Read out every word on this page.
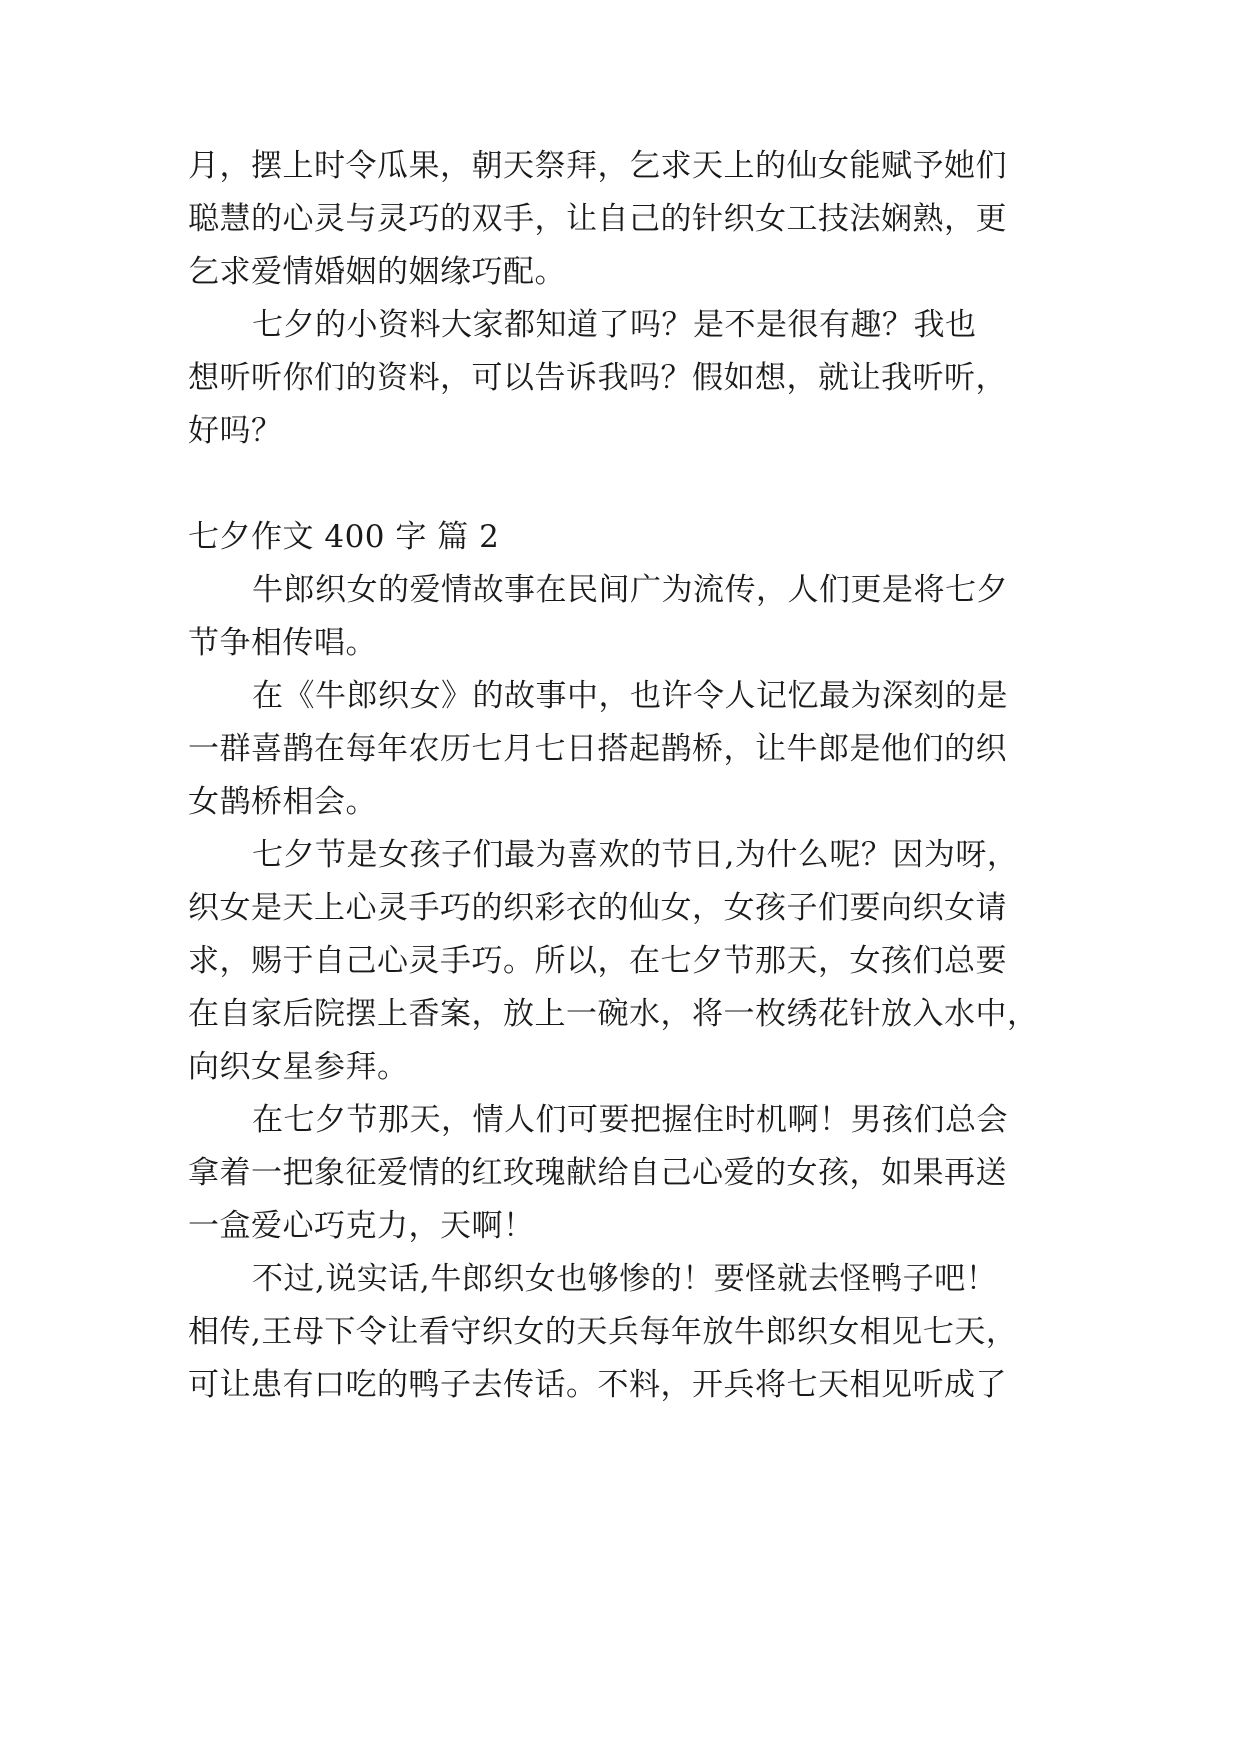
月，摆上时令瓜果，朝天祭拜，乞求天上的仙女能赋予她们
聪慧的心灵与灵巧的双手，让自己的针织女工技法娴熟，更
乞求爱情婚姻的姻缘巧配。
七夕的小资料大家都知道了吗？是不是很有趣？我也
想听听你们的资料，可以告诉我吗？假如想，就让我听听，
好吗？
七夕作文 400 字 篇 2
牛郎织女的爱情故事在民间广为流传，人们更是将七夕
节争相传唱。
在《牛郎织女》的故事中，也许令人记忆最为深刻的是
一群喜鹊在每年农历七月七日搭起鹊桥，让牛郎是他们的织
女鹊桥相会。
七夕节是女孩子们最为喜欢的节日,为什么呢？因为呀，
织女是天上心灵手巧的织彩衣的仙女，女孩子们要向织女请
求，赐于自己心灵手巧。所以，在七夕节那天，女孩们总要
在自家后院摆上香案，放上一碗水，将一枚绣花针放入水中，
向织女星参拜。
在七夕节那天，情人们可要把握住时机啊！男孩们总会
拿着一把象征爱情的红玫瑰献给自己心爱的女孩，如果再送
一盒爱心巧克力，天啊！
不过,说实话,牛郎织女也够惨的！要怪就去怪鸭子吧！
相传,王母下令让看守织女的天兵每年放牛郎织女相见七天，
可让患有口吃的鸭子去传话。不料，开兵将七天相见听成了
